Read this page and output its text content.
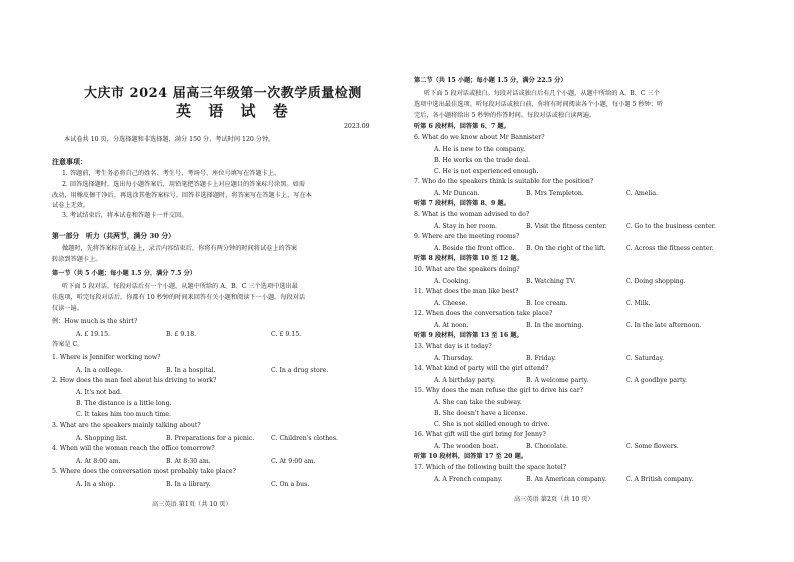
大庆市 2024 届高三年级第一次教学质量检测
英 语 试 卷
2023.09
本试卷共 10 页，分选择题和非选择题，满分 150 分，考试时间 120 分钟。
注意事项：
1. 答题前，考生务必将自己的姓名、考生号、考场号、座位号填写在答题卡上。
2. 回答选择题时，选出每小题答案后，用铅笔把答题卡上对应题目的答案标号涂黑。如需
改动，用橡皮擦干净后，再选涂其他答案标号。回答非选择题时，将答案写在答题卡上，写在本
试卷上无效。
3. 考试结束后，将本试卷和答题卡一并交回。
第一部分　听力（共两节，满分 30 分）
做题时，先将答案标在试卷上，录音内容结束后，你将有两分钟的时间将试卷上的答案
转涂到答题卡上。
第一节（共 5 小题；每小题 1.5 分，满分 7.5 分）
听下面 5 段对话，每段对话后有一个小题，从题中所给的 A、B、C 三个选项中选出最
佳选项，听完每段对话后，你都有 10 秒钟的时间来回答有关小题和阅读下一小题。每段对话
仅读一遍。
例：How much is the shirt?
A. £ 19.15.	B. £ 9.18.	C. £ 9.15.
答案是 C。
1. Where is Jennifer working now?
A. In a college.	B. In a hospital.	C. In a drug store.
2. How does the man feel about his driving to work?
A. It's not bad.
B. The distance is a little long.
C. It takes him too much time.
3. What are the speakers mainly talking about?
A. Shopping list.	B. Preparations for a picnic.	C. Children's clothes.
4. When will the woman reach the office tomorrow?
A. At 8:00 am.	B. At 8:30 am.	C. At 9:00 am.
5. Where does the conversation most probably take place?
A. In a shop.	B. In a library.	C. On a bus.
高三英语 第1页（共 10 页）
第二节（共 15 小题；每小题 1.5 分，满分 22.5 分）
听下面 5 段对话或独白。每段对话或独白后有几个小题，从题中所给的 A、B、C 三个
选项中选出最佳选项。听每段对话或独白前，你将有时间阅读各个小题，每小题 5 秒钟；听
完后，各小题将给出 5 秒钟的作答时间。每段对话或独白读两遍。
听第 6 段材料，回答第 6、7 题。
6. What do we know about Mr Bannister?
A. He is new to the company.
B. He works on the trade deal.
C. He is not experienced enough.
7. Who do the speakers think is suitable for the position?
A. Mr Duncan.	B. Mrs Templeton.	C. Amelia.
听第 7 段材料，回答第 8、9 题。
8. What is the woman advised to do?
A. Stay in her room.	B. Visit the fitness center.	C. Go to the business center.
9. Where are the meeting rooms?
A. Beside the front office. B. On the right of the lift.	C. Across the fitness center.
听第 8 段材料，回答第 10 至 12 题。
10. What are the speakers doing?
A. Cooking.	B. Watching TV.	C. Doing shopping.
11. What does the man like best?
A. Cheese.	B. Ice cream.	C. Milk.
12. When does the conversation take place?
A. At noon.	B. In the morning.	C. In the late afternoon.
听第 9 段材料，回答第 13 至 16 题。
13. What day is it today?
A. Thursday.	B. Friday.	C. Saturday.
14. What kind of party will the girl attend?
A. A birthday party.	B. A welcome party.	C. A goodbye party.
15. Why does the man refuse the girl to drive his car?
A. She can take the subway.
B. She doesn't have a license.
C. She is not skilled enough to drive.
16. What gift will the girl bring for Jenny?
A. The wooden boat.	B. Chocolate.	C. Some flowers.
听第 10 段材料，回答第 17 至 20 题。
17. Which of the following built the space hotel?
A. A French company.	B. An American company.	C. A British company.
高三英语 第2页（共 10 页）
